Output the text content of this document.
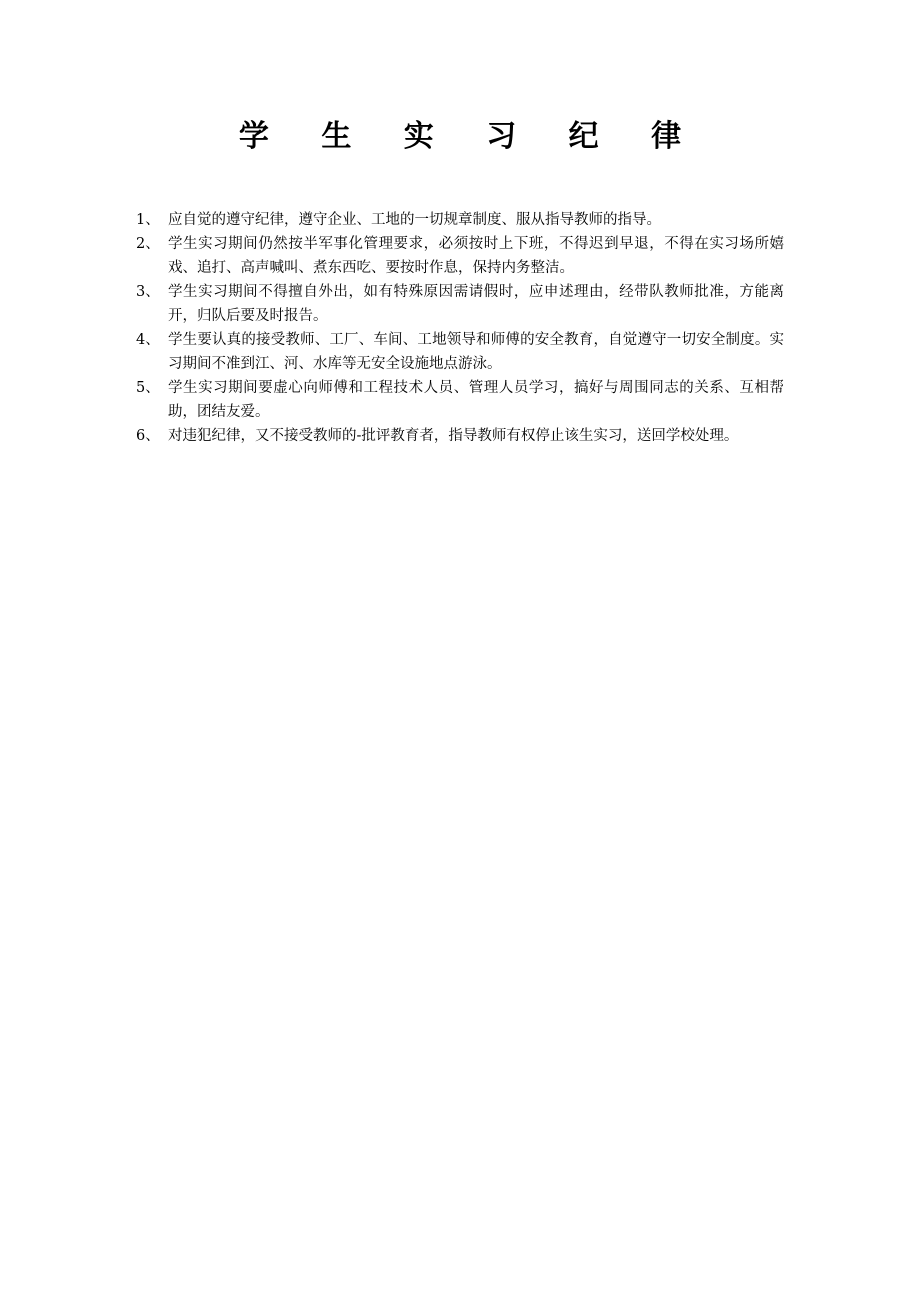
学 生 实 习 纪 律
1、 应自觉的遵守纪律，遵守企业、工地的一切规章制度、服从指导教师的指导。
2、 学生实习期间仍然按半军事化管理要求，必须按时上下班，不得迟到早退，不得在实习场所嬉戏、追打、高声喊叫、煮东西吃、要按时作息，保持内务整洁。
3、 学生实习期间不得擅自外出，如有特殊原因需请假时，应申述理由，经带队教师批准，方能离开，归队后要及时报告。
4、 学生要认真的接受教师、工厂、车间、工地领导和师傅的安全教育，自觉遵守一切安全制度。实习期间不准到江、河、水库等无安全设施地点游泳。
5、 学生实习期间要虚心向师傅和工程技术人员、管理人员学习，搞好与周围同志的关系、互相帮助，团结友爱。
6、 对违犯纪律，又不接受教师的-批评教育者，指导教师有权停止该生实习，送回学校处理。
